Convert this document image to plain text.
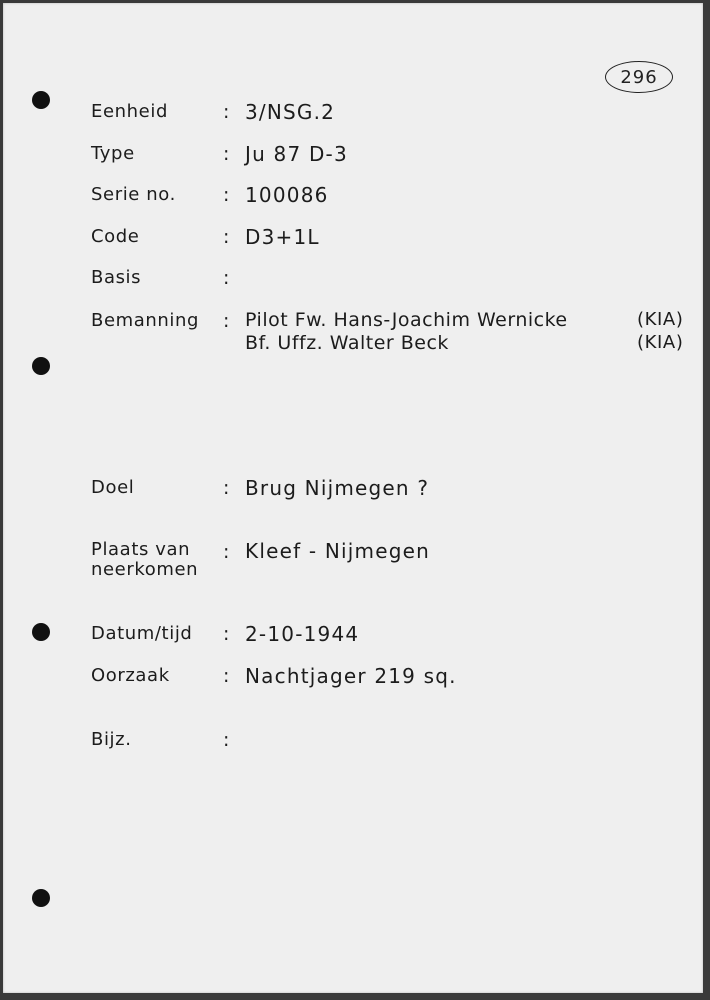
296
Eenheid	: 3/NSG.2
Type	: Ju 87 D-3
Serie no. : 100086
Code	: D3+1L
Basis	:
Bemanning : Pilot Fw. Hans-Joachim Wernicke	(KIA)
Bf. Uffz. Walter Beck	(KIA)
Doel	: Brug Nijmegen ?
Plaats van
neerkomen
: Kleef - Nijmegen
Datum/tijd : 2-10-1944
Oorzaak	: Nachtjager 219 sq.
Bijz.	:
